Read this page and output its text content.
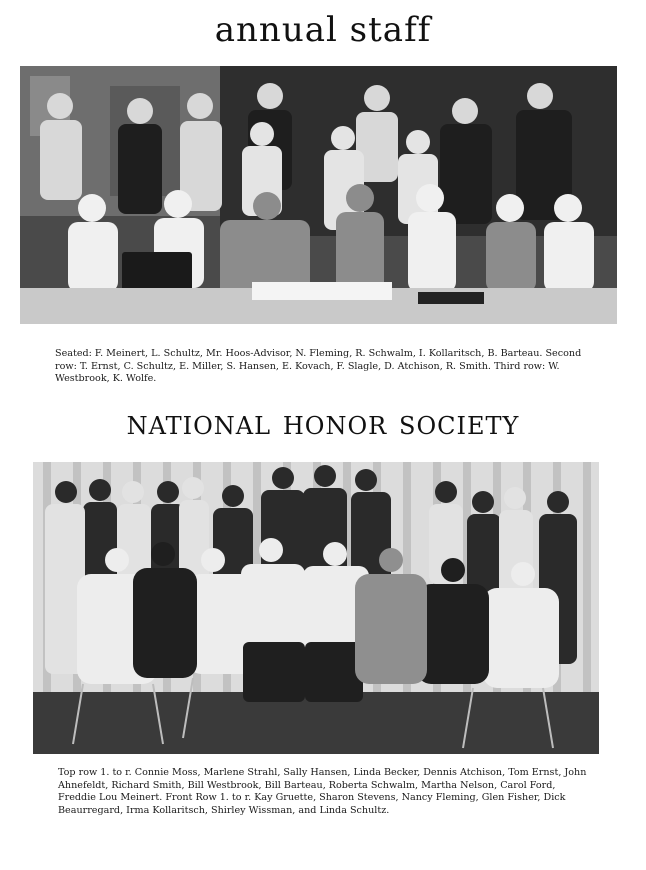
annual staff

Seated: F. Meinert, L. Schultz, Mr. Hoos-Advisor, N. Fleming, R. Schwalm, I. Kollaritsch, B. Barteau. Second row: T. Ernst, C. Schultz, E. Miller, S. Hansen, E. Kovach, F. Slagle, D. Atchison, R. Smith. Third row: W. Westbrook, K. Wolfe.

national honor society

Top row 1. to r. Connie Moss, Marlene Strahl, Sally Hansen, Linda Becker, Dennis Atchison, Tom Ernst, John Ahnefeldt, Richard Smith, Bill Westbrook, Bill Barteau, Roberta Schwalm, Martha Nelson, Carol Ford, Freddie Lou Meinert. Front Row 1. to r. Kay Gruette, Sharon Stevens, Nancy Fleming, Glen Fisher, Dick Beaurregard, Irma Kollaritsch, Shirley Wissman, and Linda Schultz.
